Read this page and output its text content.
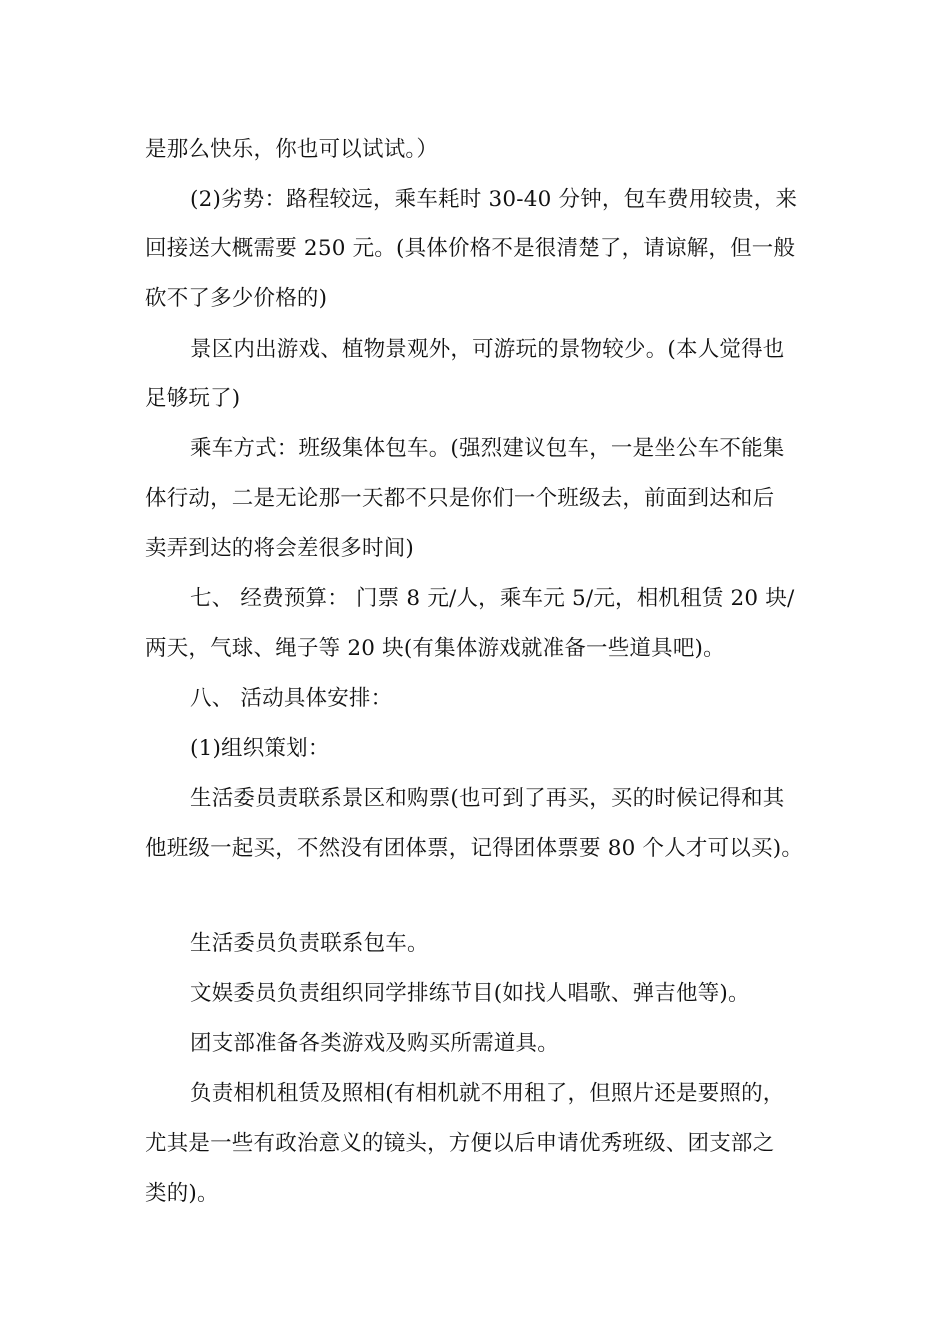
是那么快乐，你也可以试试。）
(2)劣势：路程较远，乘车耗时 30-40 分钟，包车费用较贵，来
回接送大概需要 250 元。(具体价格不是很清楚了，请谅解，但一般
砍不了多少价格的)
景区内出游戏、植物景观外，可游玩的景物较少。(本人觉得也
足够玩了)
乘车方式：班级集体包车。(强烈建议包车，一是坐公车不能集
体行动，二是无论那一天都不只是你们一个班级去，前面到达和后
卖弄到达的将会差很多时间)
七、 经费预算： 门票 8 元/人，乘车元 5/元，相机租赁 20 块/
两天，气球、绳子等 20 块(有集体游戏就准备一些道具吧)。
八、 活动具体安排：
(1)组织策划：
生活委员责联系景区和购票(也可到了再买，买的时候记得和其
他班级一起买，不然没有团体票，记得团体票要 80 个人才可以买)。
生活委员负责联系包车。
文娱委员负责组织同学排练节目(如找人唱歌、弹吉他等)。
团支部准备各类游戏及购买所需道具。
负责相机租赁及照相(有相机就不用租了，但照片还是要照的，
尤其是一些有政治意义的镜头，方便以后申请优秀班级、团支部之
类的)。
